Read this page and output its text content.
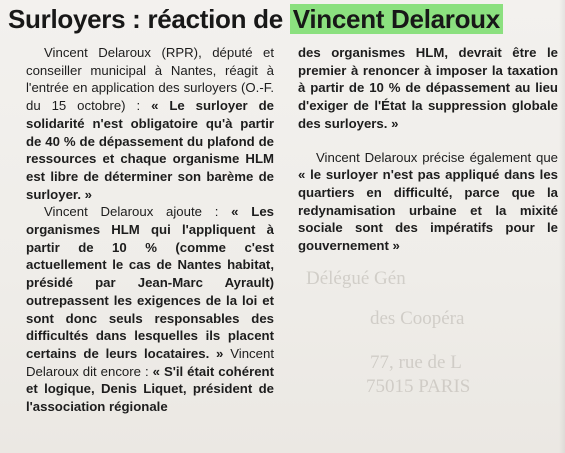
Surloyers : réaction de Vincent Delaroux

Vincent Delaroux (RPR), député et conseiller municipal à Nantes, réagit à l'entrée en application des surloyers (O.-F. du 15 octobre) : « Le surloyer de solidarité n'est obligatoire qu'à partir de 40 % de dépassement du plafond de ressources et chaque organisme HLM est libre de déterminer son barème de surloyer. »

Vincent Delaroux ajoute : « Les organismes HLM qui l'appliquent à partir de 10 % (comme c'est actuellement le cas de Nantes habitat, présidé par Jean-Marc Ayrault) outrepassent les exigences de la loi et sont donc seuls responsables des difficultés dans lesquelles ils placent certains de leurs locataires. » Vincent Delaroux dit encore : « S'il était cohérent et logique, Denis Liquet, président de l'association régionale

Délégué Gén
des Coopéra
77, rue de L
75015 PARIS

des organismes HLM, devrait être le premier à renoncer à imposer la taxation à partir de 10 % de dépassement au lieu d'exiger de l'État la suppression globale des surloyers. »

Vincent Delaroux précise également que « le surloyer n'est pas appliqué dans les quartiers en difficulté, parce que la redynamisation urbaine et la mixité sociale sont des impératifs pour le gouvernement »
